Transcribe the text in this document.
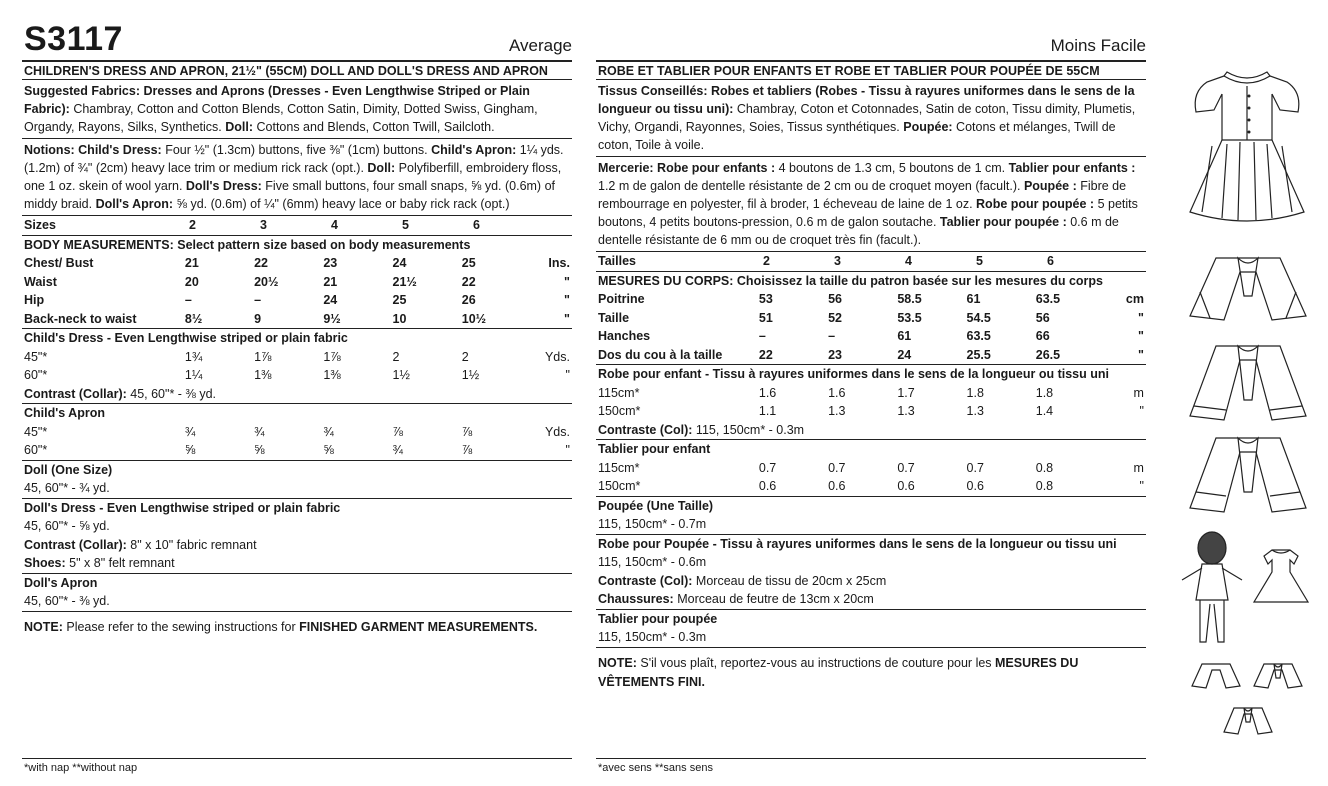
S3117	Average
CHILDREN'S DRESS AND APRON, 21½" (55CM) DOLL AND DOLL'S DRESS AND APRON
Suggested Fabrics: Dresses and Aprons (Dresses - Even Lengthwise Striped or Plain Fabric): Chambray, Cotton and Cotton Blends, Cotton Satin, Dimity, Dotted Swiss, Gingham, Organdy, Rayons, Silks, Synthetics. Doll: Cottons and Blends, Cotton Twill, Sailcloth.
Notions: Child's Dress: Four ½" (1.3cm) buttons, five ⅜" (1cm) buttons. Child's Apron: 1¼ yds. (1.2m) of ¾" (2cm) heavy lace trim or medium rick rack (opt.). Doll: Polyfiberfill, embroidery floss, one 1 oz. skein of wool yarn. Doll's Dress: Five small buttons, four small snaps, ⅝ yd. (0.6m) of middy braid. Doll's Apron: ⅝ yd. (0.6m) of ¼" (6mm) heavy lace or baby rick rack (opt.)
Sizes	2	3	4	5	6
BODY MEASUREMENTS: Select pattern size based on body measurements
Chest/ Bust	21	22	23	24	25	Ins.
Waist	20	20½	21	21½	22	"
Hip	–	–	24	25	26	"
Back-neck to waist	8½	9	9½	10	10½	"
Child's Dress - Even Lengthwise striped or plain fabric
45"*	1¾	1⅞	1⅞	2	2	Yds.
60"*	1¼	1⅜	1⅜	1½	1½	"
Contrast (Collar): 45, 60"* - ⅜ yd.
Child's Apron
45"*	¾	¾	¾	⅞	⅞	Yds.
60"*	⅝	⅝	⅝	¾	⅞	"
Doll (One Size)
45, 60"* - ¾ yd.
Doll's Dress - Even Lengthwise striped or plain fabric
45, 60"* - ⅝ yd.
Contrast (Collar): 8" x 10" fabric remnant
Shoes: 5" x 8" felt remnant
Doll's Apron
45, 60"* - ⅜ yd.
NOTE: Please refer to the sewing instructions for FINISHED GARMENT MEASUREMENTS.
*with nap **without nap
Moins Facile
ROBE ET TABLIER POUR ENFANTS ET ROBE ET TABLIER POUR POUPÉE DE 55CM
Tissus Conseillés: Robes et tabliers (Robes - Tissu à rayures uniformes dans le sens de la longueur ou tissu uni): Chambray, Coton et Cotonnades, Satin de coton, Tissu dimity, Plumetis, Vichy, Organdi, Rayonnes, Soies, Tissus synthétiques. Poupée: Cotons et mélanges, Twill de coton, Toile à voile.
Mercerie: Robe pour enfants : 4 boutons de 1.3 cm, 5 boutons de 1 cm. Tablier pour enfants : 1.2 m de galon de dentelle résistante de 2 cm ou de croquet moyen (facult.). Poupée : Fibre de rembourrage en polyester, fil à broder, 1 écheveau de laine de 1 oz. Robe pour poupée : 5 petits boutons, 4 petits boutons-pression, 0.6 m de galon soutache. Tablier pour poupée : 0.6 m de dentelle résistante de 6 mm ou de croquet très fin (facult.).
Tailles	2	3	4	5	6
MESURES DU CORPS: Choisissez la taille du patron basée sur les mesures du corps
Poitrine	53	56	58.5	61	63.5	cm
Taille	51	52	53.5	54.5	56	"
Hanches	–	–	61	63.5	66	"
Dos du cou à la taille	22	23	24	25.5	26.5	"
Robe pour enfant - Tissu à rayures uniformes dans le sens de la longueur ou tissu uni
115cm*	1.6	1.6	1.7	1.8	1.8	m
150cm*	1.1	1.3	1.3	1.3	1.4	"
Contraste (Col): 115, 150cm* - 0.3m
Tablier pour enfant
115cm*	0.7	0.7	0.7	0.7	0.8	m
150cm*	0.6	0.6	0.6	0.6	0.8	"
Poupée (Une Taille)
115, 150cm* - 0.7m
Robe pour Poupée - Tissu à rayures uniformes dans le sens de la longueur ou tissu uni
115, 150cm* - 0.6m
Contraste (Col): Morceau de tissu de 20cm x 25cm
Chaussures: Morceau de feutre de 13cm x 20cm
Tablier pour poupée
115, 150cm* - 0.3m
NOTE: S'il vous plaît, reportez-vous au instructions de couture pour les MESURES DU VÊTEMENTS FINI.
*avec sens **sans sens
